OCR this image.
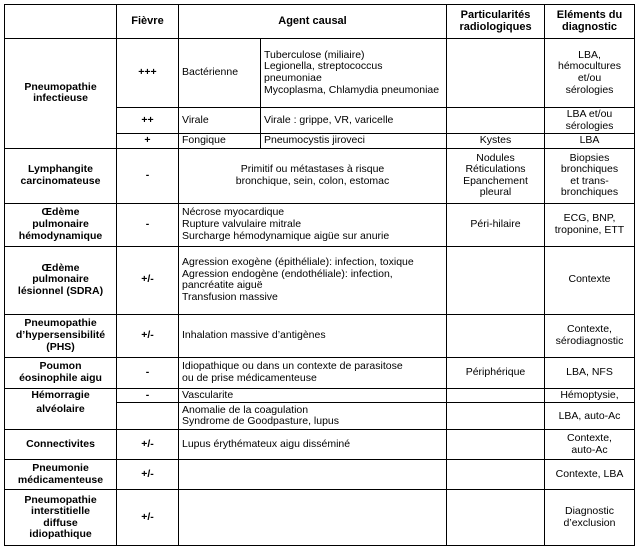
	Fièvre	Agent causal		Particularités radiologiques	Eléments du diagnostic
Pneumopathie
infectieuse	+++	Bactérienne	Tuberculose (miliaire)
Legionella, streptococcus pneumoniae
Mycoplasma, Chlamydia pneumoniae		LBA,
hémocultures
et/ou
sérologies
	++	Virale	Virale : grippe, VR, varicelle		LBA et/ou
sérologies
	+	Fongique	Pneumocystis jiroveci	Kystes	LBA
Lymphangite
carcinomateuse	-	Primitif ou métastases à risque
bronchique, sein, colon, estomac		Nodules
Réticulations
Epanchement
pleural	Biopsies
bronchiques
et trans-
bronchiques
Œdème
pulmonaire
hémodynamique	-	Nécrose myocardique
Rupture valvulaire mitrale
Surcharge hémodynamique aigüe sur anurie		Péri-hilaire	ECG, BNP,
troponine, ETT
Œdème
pulmonaire
lésionnel (SDRA)	+/-	Agression exogène (épithéliale): infection, toxique
Agression endogène (endothéliale): infection, pancréatite aiguë
Transfusion massive			Contexte
Pneumopathie
d’hypersensibilité
(PHS)	+/-	Inhalation massive d’antigènes			Contexte,
sérodiagnostic
Poumon
éosinophile aigu	-	Idiopathique ou dans un contexte de parasitose
ou de prise médicamenteuse		Périphérique	LBA, NFS
Hémorragie	-	Vascularite			Hémoptysie,
alvéolaire		Anomalie de la coagulation
Syndrome de Goodpasture, lupus			LBA, auto-Ac
Connectivites	+/-	Lupus érythémateux aigu disséminé			Contexte,
auto-Ac
Pneumonie
médicamenteuse	+/-				Contexte, LBA
Pneumopathie
interstitielle
diffuse
idiopathique	+/-				Diagnostic
d’exclusion
